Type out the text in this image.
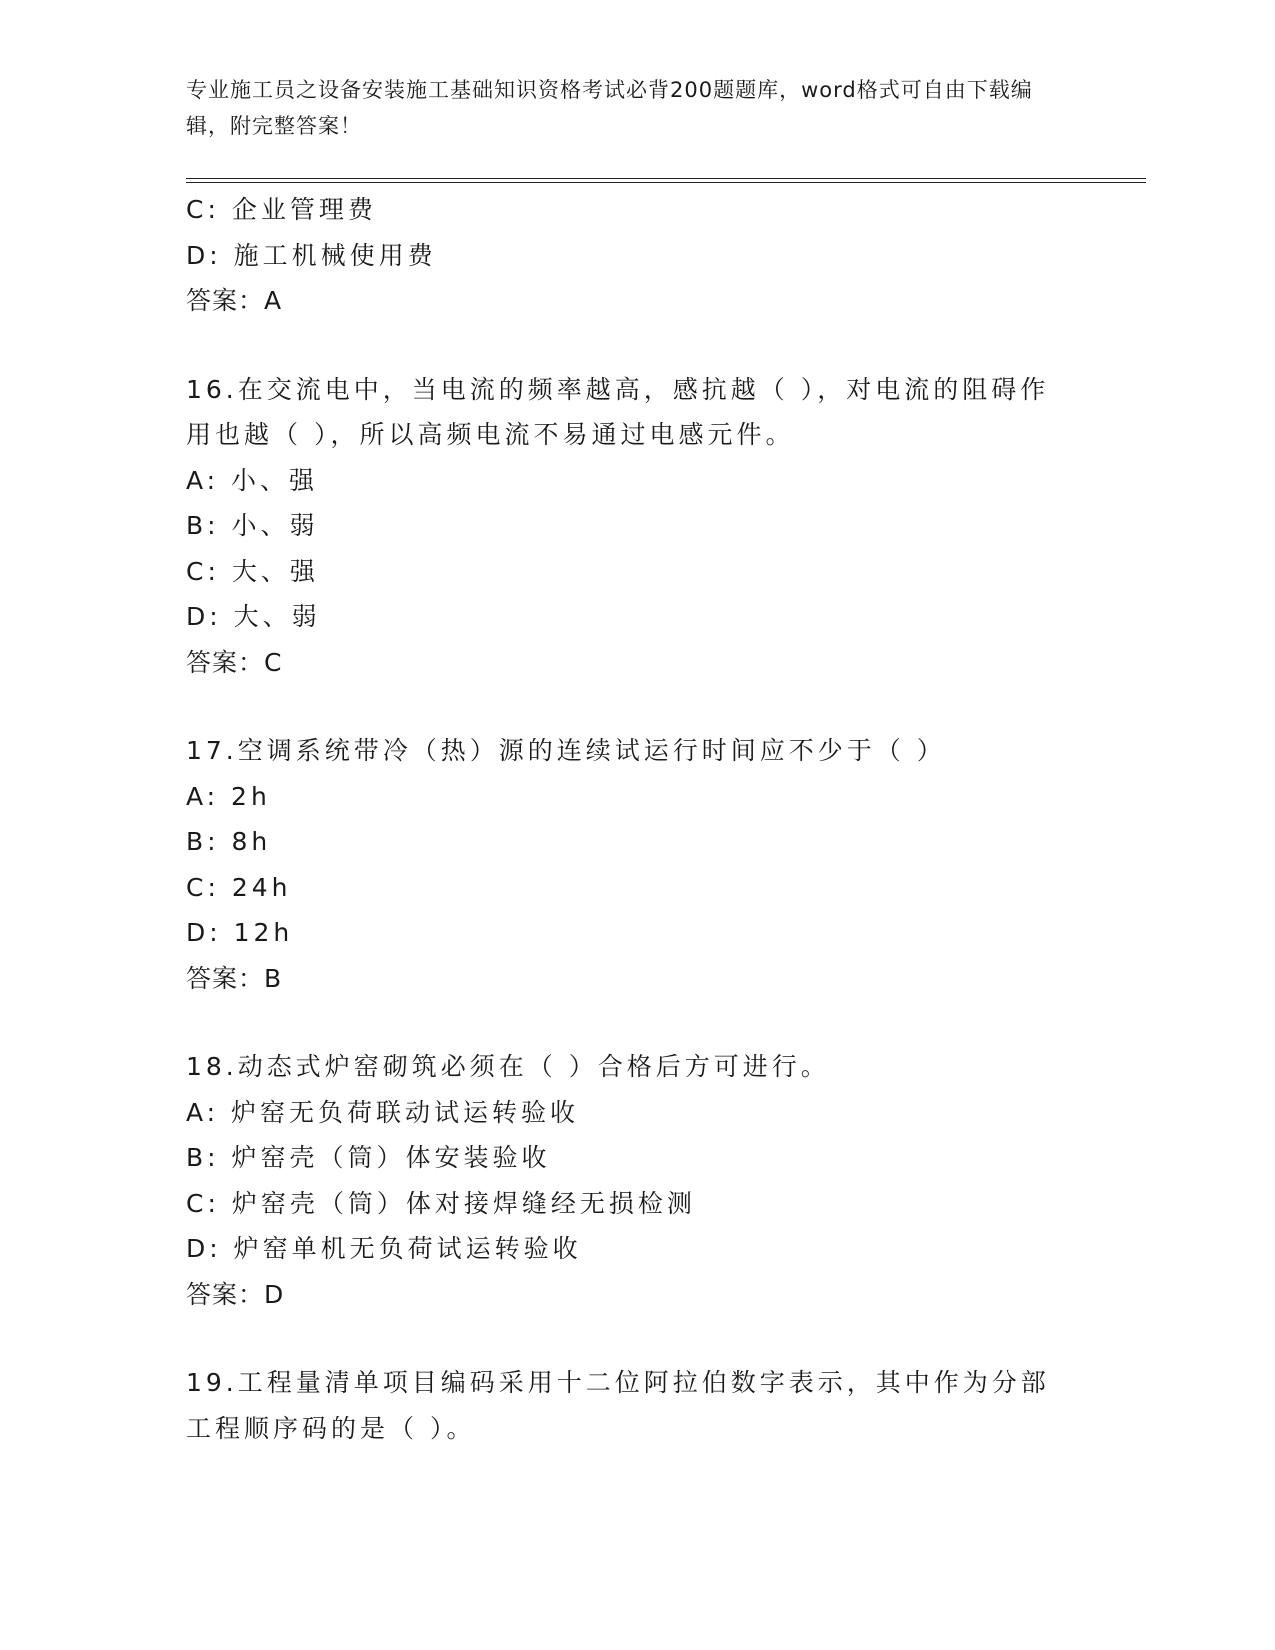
专业施工员之设备安装施工基础知识资格考试必背200题题库，word格式可自由下载编辑，附完整答案！
C: 企业管理费
D: 施工机械使用费
答案：A
16.在交流电中，当电流的频率越高，感抗越（ ），对电流的阻碍作用也越（ ），所以高频电流不易通过电感元件。
A: 小、强
B: 小、弱
C: 大、强
D: 大、弱
答案：C
17.空调系统带冷（热）源的连续试运行时间应不少于（ ）
A: 2h
B: 8h
C: 24h
D: 12h
答案：B
18.动态式炉窑砌筑必须在（ ）合格后方可进行。
A: 炉窑无负荷联动试运转验收
B: 炉窑壳（筒）体安装验收
C: 炉窑壳（筒）体对接焊缝经无损检测
D: 炉窑单机无负荷试运转验收
答案：D
19.工程量清单项目编码采用十二位阿拉伯数字表示，其中作为分部工程顺序码的是（ ）。
